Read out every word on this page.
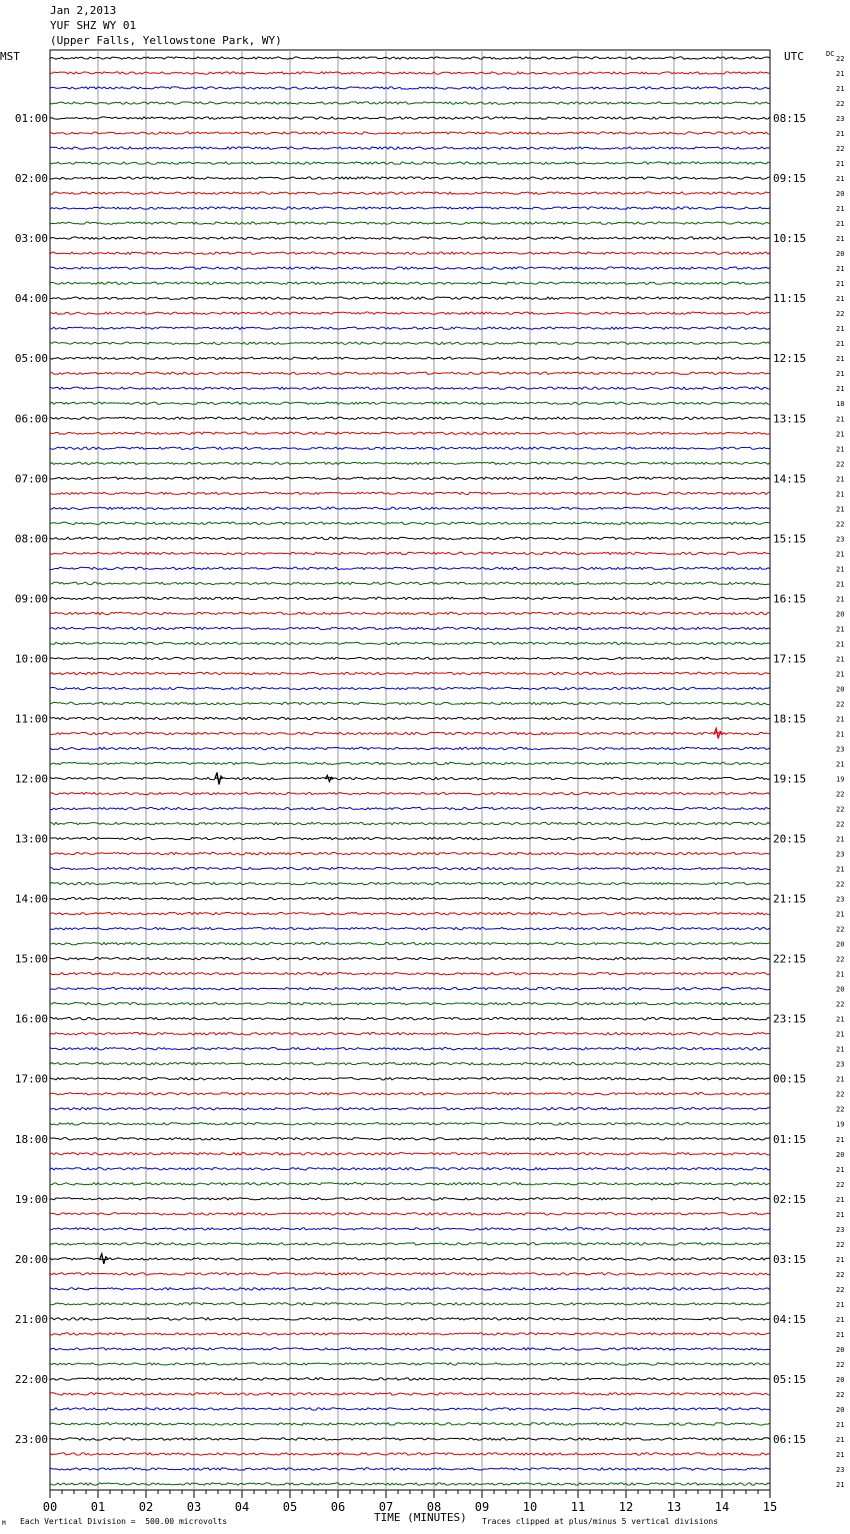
Jan 2,2013
YUF SHZ WY 01
(Upper Falls, Yellowstone Park, WY)
MST	UTC	DC
00	01	02	03	04	05	06	07	08	09	10	11	12	13	14	15
01:00
02:00
03:00
04:00
05:00
06:00
07:00
08:00
09:00
10:00
11:00
12:00
13:00
14:00
15:00
16:00
17:00
18:00
19:00
20:00
21:00
22:00
23:00
08:15
09:15
10:15
11:15
12:15
13:15
14:15
15:15
16:15
17:15
18:15
19:15
20:15
21:15
22:15
23:15
00:15
01:15
02:15
03:15
04:15
05:15
06:15
22
21
21
22
23
21
22
21
21
20
21
21
21
20
21
21
21
22
21
21
21
21
21
18
21
21
21
22
21
21
21
22
23
21
21
21
21
20
21
21
21
21
20
22
21
21
23
21
19
22
22
22
21
23
21
22
23
21
22
20
22
21
20
22
21
21
21
23
21
22
22
19
21
20
21
22
21
21
23
22
21
22
22
21
21
21
20
22
20
22
20
21
21
21
23
21
TIME (MINUTES)
Each Vertical Division =  500.00 microvolts	Traces clipped at plus/minus 5 vertical divisions
M
